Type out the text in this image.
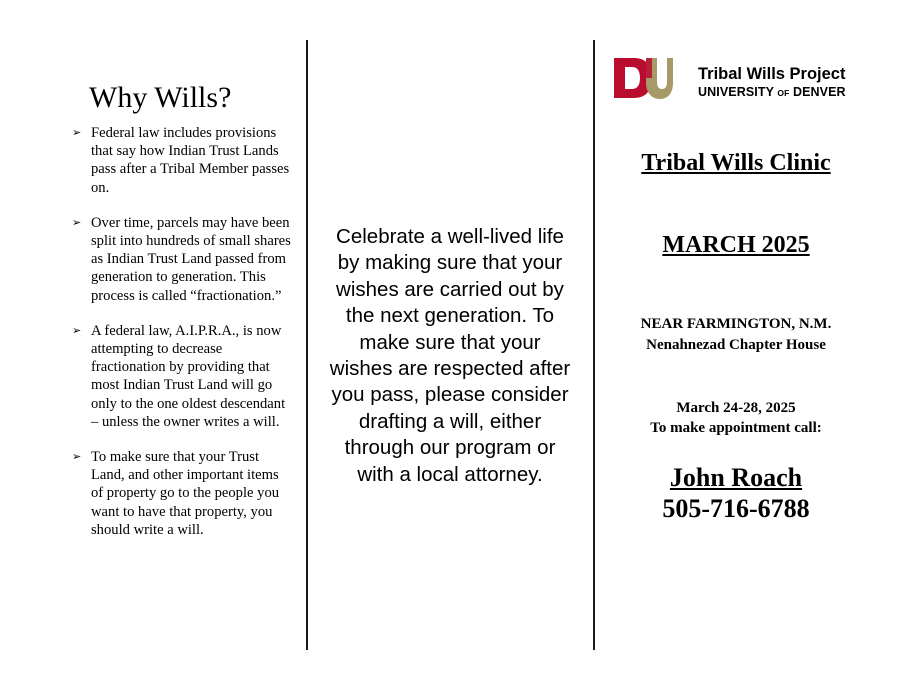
Why Wills?
➢ Federal law includes provisions that say how Indian Trust Lands pass after a Tribal Member passes on.
➢ Over time, parcels may have been split into hundreds of small shares as Indian Trust Land passed from generation to generation. This process is called “fractionation.”
➢ A federal law, A.I.P.R.A., is now attempting to decrease fractionation by providing that most Indian Trust Land will go only to the one oldest descendant – unless the owner writes a will.
➢ To make sure that your Trust Land, and other important items of property go to the people you want to have that property, you should write a will.
Celebrate a well-lived life by making sure that your wishes are carried out by the next generation. To make sure that your wishes are respected after you pass, please consider drafting a will, either through our program or with a local attorney.
Tribal Wills Project
UNIVERSITY OF DENVER
Tribal Wills Clinic
MARCH 2025
NEAR FARMINGTON, N.M.
Nenahnezad Chapter House
March 24-28, 2025
To make appointment call:
John Roach
505-716-6788
